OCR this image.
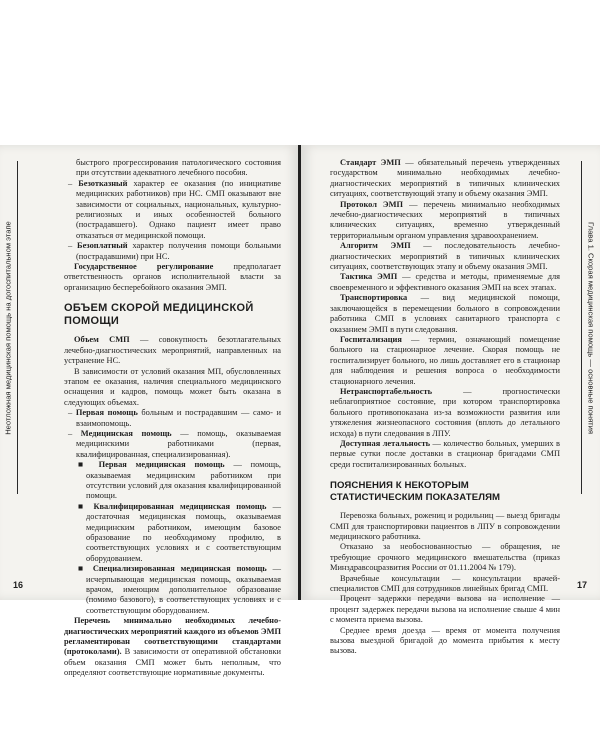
Неотложная медицинская помощь на догоспитальном этапе

быстрого прогрессирования патологического состояния при отсутствии адекватного лечебного пособия.

– Безотказный характер ее оказания (по инициативе медицинских работников) при НС. СМП оказывают вне зависимости от социальных, национальных, культурно-религиозных и иных особенностей больного (пострадавшего). Однако пациент имеет право отказаться от медицинской помощи.

– Безоплатный характер получения помощи больными (пострадавшими) при НС.

Государственное регулирование предполагает ответственность органов исполнительной власти за организацию бесперебойного оказания ЭМП.

ОБЪЕМ СКОРОЙ МЕДИЦИНСКОЙ ПОМОЩИ

Объем СМП — совокупность безотлагательных лечебно-диагностических мероприятий, направленных на устранение НС.

В зависимости от условий оказания МП, обусловленных этапом ее оказания, наличия специального медицинского оснащения и кадров, помощь может быть оказана в следующих объемах.

– Первая помощь больным и пострадавшим — само- и взаимопомощь.

– Медицинская помощь — помощь, оказываемая медицинскими работниками (первая, квалифицированная, специализированная).

■ Первая медицинская помощь — помощь, оказываемая медицинским работником при отсутствии условий для оказания квалифицированной помощи.

■ Квалифицированная медицинская помощь — достаточная медицинская помощь, оказываемая медицинским работником, имеющим базовое образование по необходимому профилю, в соответствующих условиях и с соответствующим оборудованием.

■ Специализированная медицинская помощь — исчерпывающая медицинская помощь, оказываемая врачом, имеющим дополнительное образование (помимо базового), в соответствующих условиях и с соответствующим оборудованием.

Перечень минимально необходимых лечебно-диагностических мероприятий каждого из объемов ЭМП регламентирован соответствующими стандартами (протоколами). В зависимости от оперативной обстановки объем оказания СМП может быть неполным, что определяют соответствующие нормативные документы.

16
Глава 1. Скорая медицинская помощь — основные понятия

Стандарт ЭМП — обязательный перечень утвержденных государством минимально необходимых лечебно-диагностических мероприятий в типичных клинических ситуациях, соответствующий этапу и объему оказания ЭМП.

Протокол ЭМП — перечень минимально необходимых лечебно-диагностических мероприятий в типичных клинических ситуациях, временно утвержденный территориальным органом управления здравоохранением.

Алгоритм ЭМП — последовательность лечебно-диагностических мероприятий в типичных клинических ситуациях, соответствующих этапу и объему оказания ЭМП.

Тактика ЭМП — средства и методы, применяемые для своевременного и эффективного оказания ЭМП на всех этапах.

Транспортировка — вид медицинской помощи, заключающейся в перемещении больного в сопровождении работника СМП в условиях санитарного транспорта с оказанием ЭМП в пути следования.

Госпитализация — термин, означающий помещение больного на стационарное лечение. Скорая помощь не госпитализирует больного, но лишь доставляет его в стационар для наблюдения и решения вопроса о необходимости стационарного лечения.

Нетранспортабельность	— прогностически неблагоприятное состояние, при котором транспортировка больного противопоказана из-за возможности развития или утяжеления жизнеопасного состояния (вплоть до летального исхода) в пути следования в ЛПУ.

Доступная летальность — количество больных, умерших в первые сутки после доставки в стационар бригадами СМП среди госпитализированных больных.

ПОЯСНЕНИЯ К НЕКОТОРЫМ СТАТИСТИЧЕСКИМ ПОКАЗАТЕЛЯМ

Перевозка больных, рожениц и родильниц — выезд бригады СМП для транспортировки пациентов в ЛПУ в сопровождении медицинского работника.

Отказано за необоснованностью — обращения, не требующие срочного медицинского вмешательства (приказ Минздравсоцразвития России от 01.11.2004 № 179).

Врачебные консультации — консультации врачей-специалистов СМП для сотрудников линейных бригад СМП.

Процент задержки передачи вызова на исполнение — процент задержек передачи вызова на исполнение свыше 4 мин с момента приема вызова.

Среднее время доезда — время от момента получения вызова выездной бригадой до момента прибытия к месту вызова.

17
